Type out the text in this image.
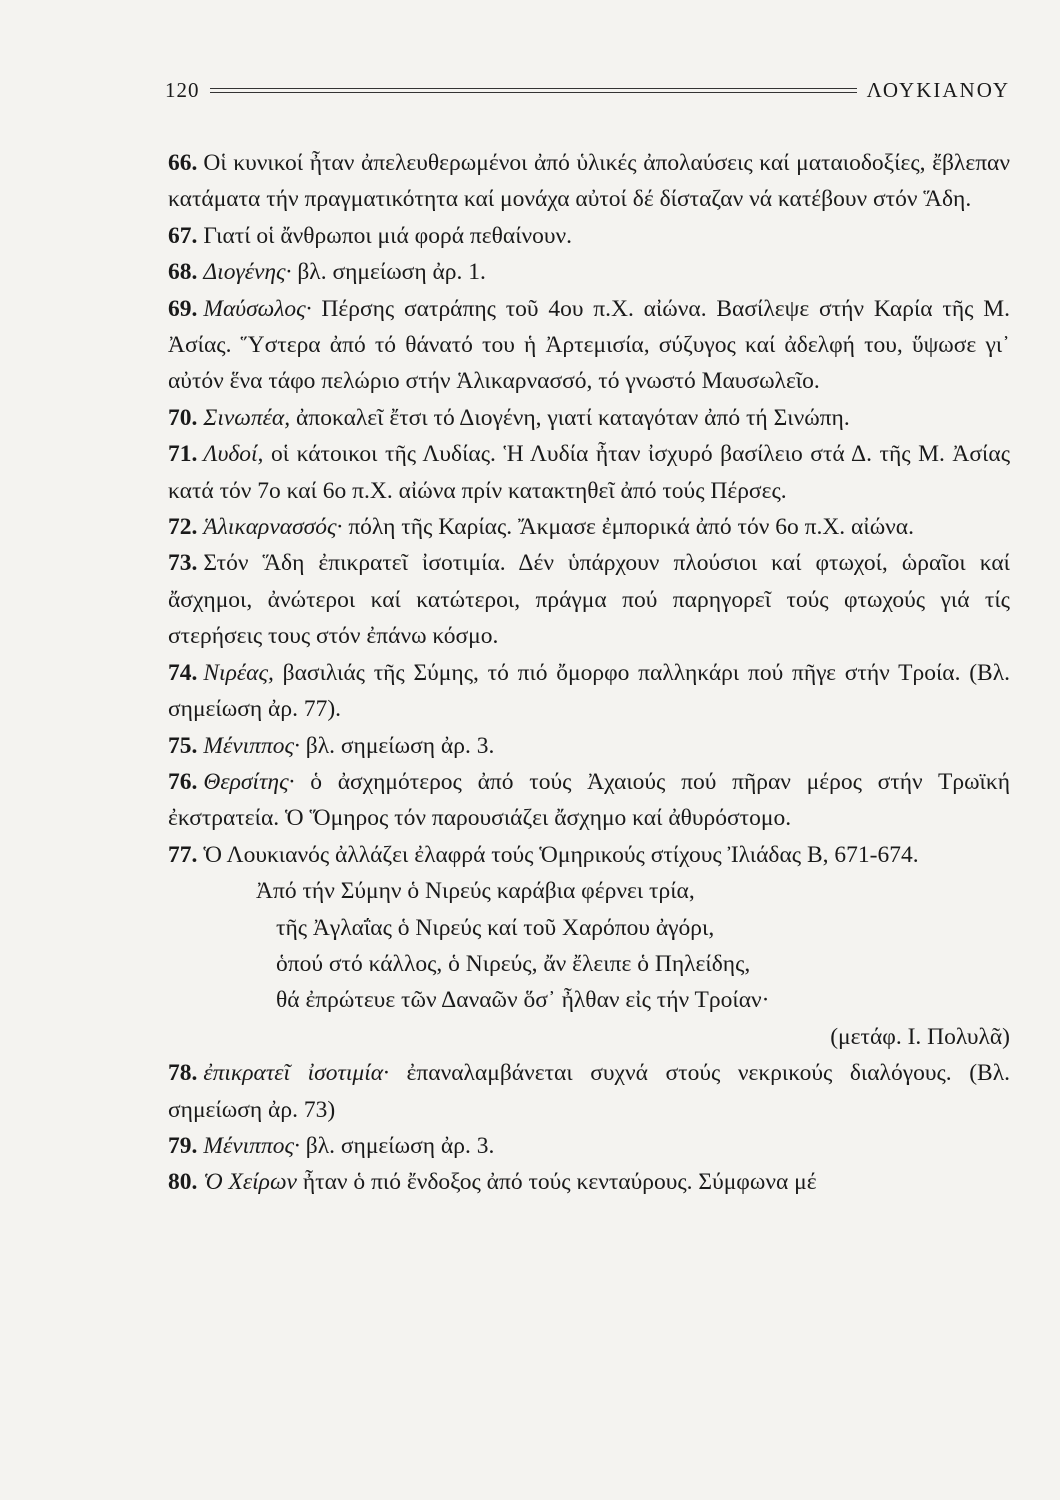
120	ΛΟΥΚΙΑΝΟΥ
66. Οἱ κυνικοί ἦταν ἀπελευθερωμένοι ἀπό ὑλικές ἀπολαύσεις καί ματαιοδοξίες, ἔβλεπαν κατάματα τήν πραγματικότητα καί μονάχα αὐτοί δέ δίσταζαν νά κατέβουν στόν Ἅδη.
67. Γιατί οἱ ἄνθρωποι μιά φορά πεθαίνουν.
68. Διογένης· βλ. σημείωση ἀρ. 1.
69. Μαύσωλος· Πέρσης σατράπης τοῦ 4ου π.Χ. αἰώνα. Βασίλεψε στήν Καρία τῆς Μ. Ἀσίας. Ὕστερα ἀπό τό θάνατό του ἡ Ἀρτεμισία, σύζυγος καί ἀδελφή του, ὕψωσε γι᾽ αὐτόν ἕνα τάφο πελώριο στήν Ἁλικαρνασσό, τό γνωστό Μαυσωλεῖο.
70. Σινωπέα, ἀποκαλεῖ ἔτσι τό Διογένη, γιατί καταγόταν ἀπό τή Σινώπη.
71. Λυδοί, οἱ κάτοικοι τῆς Λυδίας. Ἡ Λυδία ἦταν ἰσχυρό βασίλειο στά Δ. τῆς Μ. Ἀσίας κατά τόν 7ο καί 6ο π.Χ. αἰώνα πρίν κατακτηθεῖ ἀπό τούς Πέρσες.
72. Ἁλικαρνασσός· πόλη τῆς Καρίας. Ἄκμασε ἐμπορικά ἀπό τόν 6ο π.Χ. αἰώνα.
73. Στόν Ἅδη ἐπικρατεῖ ἰσοτιμία. Δέν ὑπάρχουν πλούσιοι καί φτωχοί, ὡραῖοι καί ἄσχημοι, ἀνώτεροι καί κατώτεροι, πράγμα πού παρηγορεῖ τούς φτωχούς γιά τίς στερήσεις τους στόν ἐπάνω κόσμο.
74. Νιρέας, βασιλιάς τῆς Σύμης, τό πιό ὄμορφο παλληκάρι πού πῆγε στήν Τροία. (Βλ. σημείωση ἀρ. 77).
75. Μένιππος· βλ. σημείωση ἀρ. 3.
76. Θερσίτης· ὁ ἀσχημότερος ἀπό τούς Ἀχαιούς πού πῆραν μέρος στήν Τρωϊκή ἐκστρατεία. Ὁ Ὅμηρος τόν παρουσιάζει ἄσχημο καί ἀθυρόστομο.
77. Ὁ Λουκιανός ἀλλάζει ἐλαφρά τούς Ὁμηρικούς στίχους Ἰλιάδας Β, 671-674.
Ἀπό τήν Σύμην ὁ Νιρεύς καράβια φέρνει τρία,
τῆς Ἀγλαΐας ὁ Νιρεύς καί τοῦ Χαρόπου ἀγόρι,
ὁπού στό κάλλος, ὁ Νιρεύς, ἄν ἔλειπε ὁ Πηλείδης,
θά ἐπρώτευε τῶν Δαναῶν ὅσ᾽ ἦλθαν εἰς τήν Τροίαν·
(μετάφ. Ι. Πολυλᾶ)
78. ἐπικρατεῖ ἰσοτιμία· ἐπαναλαμβάνεται συχνά στούς νεκρικούς διαλόγους. (Βλ. σημείωση ἀρ. 73)
79. Μένιππος· βλ. σημείωση ἀρ. 3.
80. Ὁ Χείρων ἦταν ὁ πιό ἔνδοξος ἀπό τούς κενταύρους. Σύμφωνα μέ
